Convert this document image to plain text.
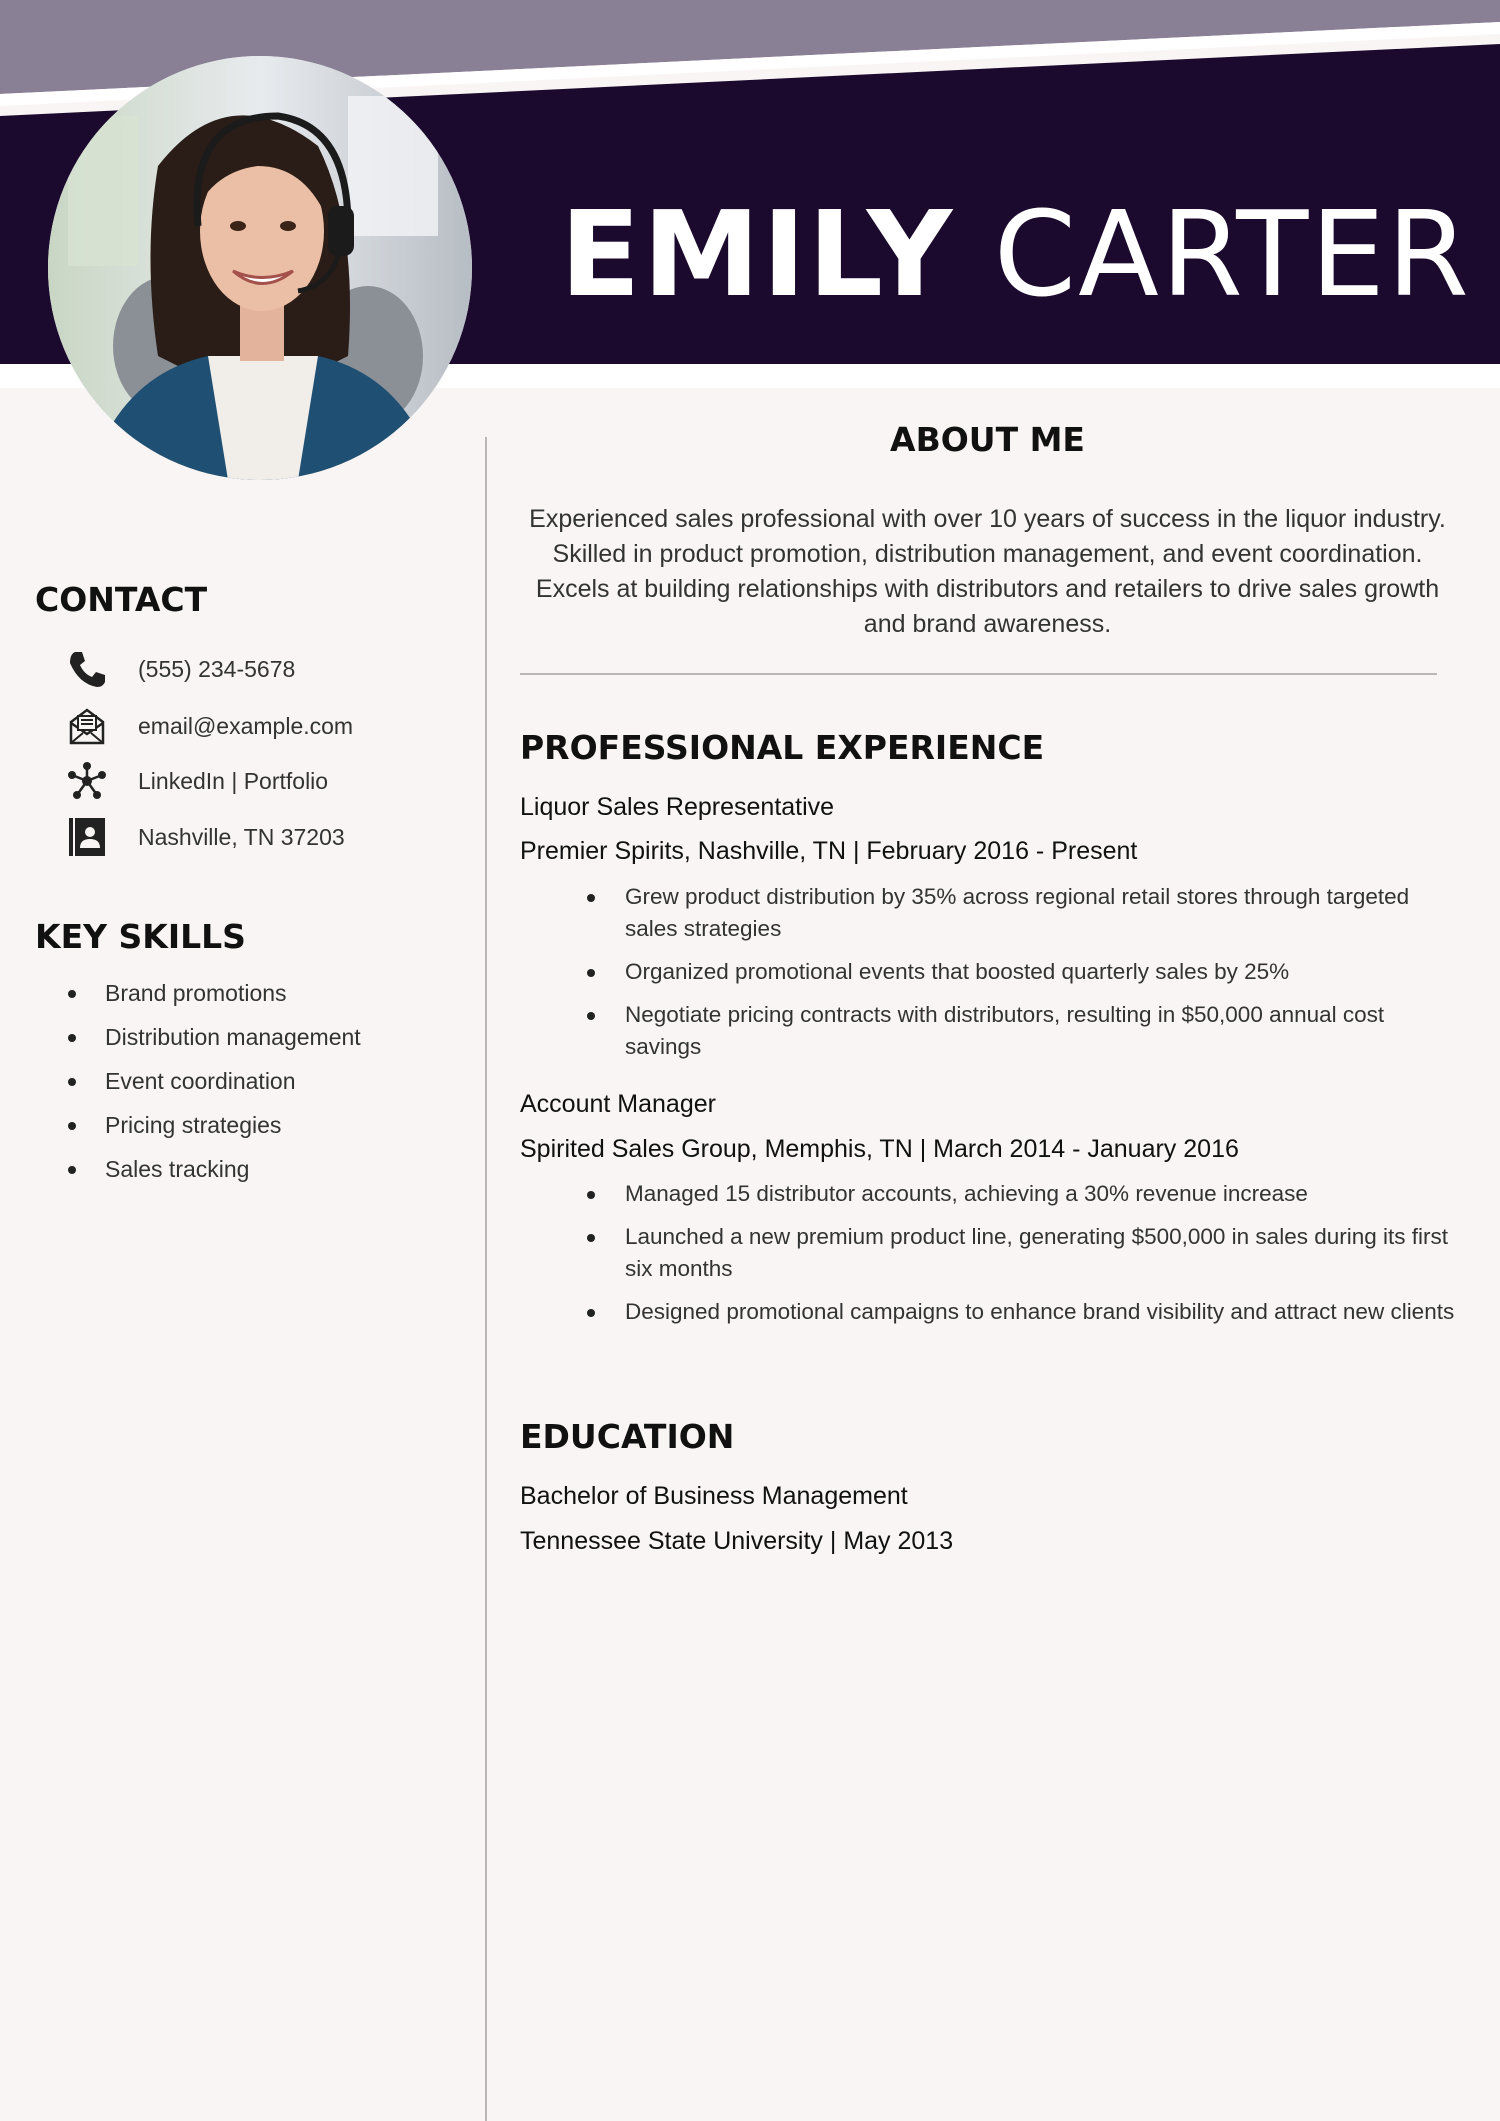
EMILY CARTER
CONTACT
(555) 234-5678
email@example.com
LinkedIn | Portfolio
Nashville, TN 37203
KEY SKILLS
Brand promotions
Distribution management
Event coordination
Pricing strategies
Sales tracking
ABOUT ME

Experienced sales professional with over 10 years of success in the liquor industry. Skilled in product promotion, distribution management, and event coordination. Excels at building relationships with distributors and retailers to drive sales growth and brand awareness.

PROFESSIONAL EXPERIENCE
Liquor Sales Representative
Premier Spirits, Nashville, TN | February 2016 - Present
Grew product distribution by 35% across regional retail stores through targeted sales strategies
Organized promotional events that boosted quarterly sales by 25%
Negotiate pricing contracts with distributors, resulting in $50,000 annual cost savings
Account Manager
Spirited Sales Group, Memphis, TN | March 2014 - January 2016
Managed 15 distributor accounts, achieving a 30% revenue increase
Launched a new premium product line, generating $500,000 in sales during its first six months
Designed promotional campaigns to enhance brand visibility and attract new clients
EDUCATION
Bachelor of Business Management
Tennessee State University | May 2013
